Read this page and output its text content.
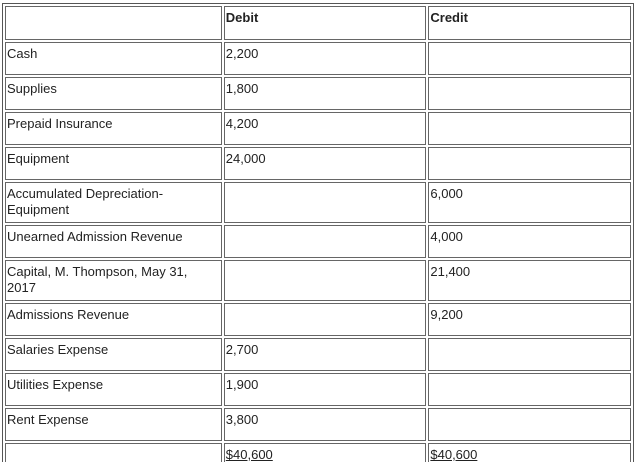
	Debit	Credit
Cash	2,200	
Supplies	1,800	
Prepaid Insurance	4,200	
Equipment	24,000	
Accumulated Depreciation-
Equipment		6,000
Unearned Admission Revenue		4,000
Capital, M. Thompson, May 31,
2017		21,400
Admissions Revenue		9,200
Salaries Expense	2,700	
Utilities Expense	1,900	
Rent Expense	3,800	
	$40,600	$40,600
